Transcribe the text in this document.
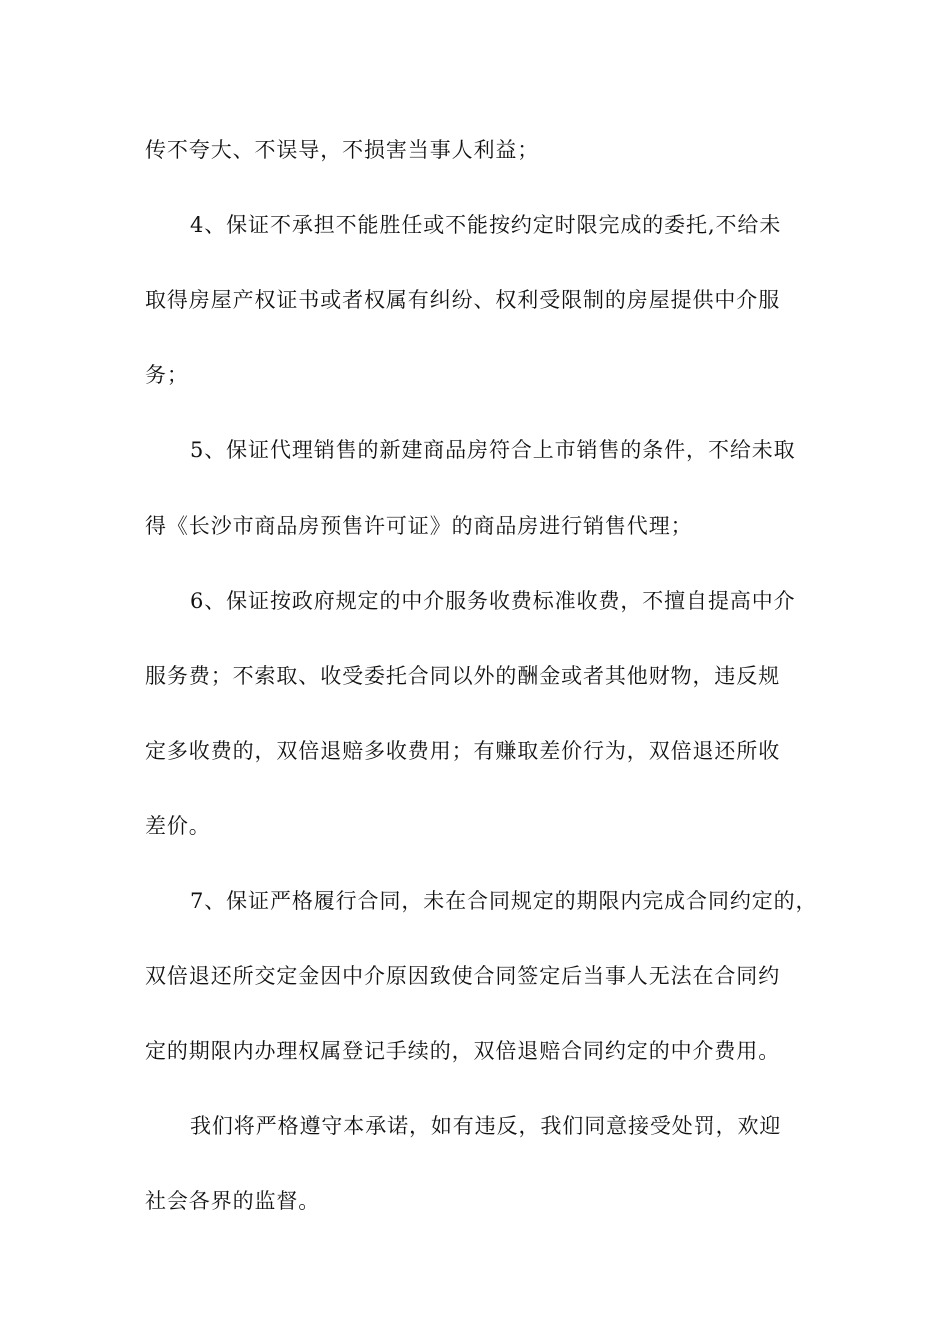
传不夸大、不误导，不损害当事人利益；
4、保证不承担不能胜任或不能按约定时限完成的委托,不给未
取得房屋产权证书或者权属有纠纷、权利受限制的房屋提供中介服
务；
5、保证代理销售的新建商品房符合上市销售的条件，不给未取
得《长沙市商品房预售许可证》的商品房进行销售代理；
6、保证按政府规定的中介服务收费标准收费，不擅自提高中介
服务费；不索取、收受委托合同以外的酬金或者其他财物，违反规
定多收费的，双倍退赔多收费用；有赚取差价行为，双倍退还所收
差价。
7、保证严格履行合同，未在合同规定的期限内完成合同约定的，
双倍退还所交定金因中介原因致使合同签定后当事人无法在合同约
定的期限内办理权属登记手续的，双倍退赔合同约定的中介费用。
我们将严格遵守本承诺，如有违反，我们同意接受处罚，欢迎
社会各界的监督。
